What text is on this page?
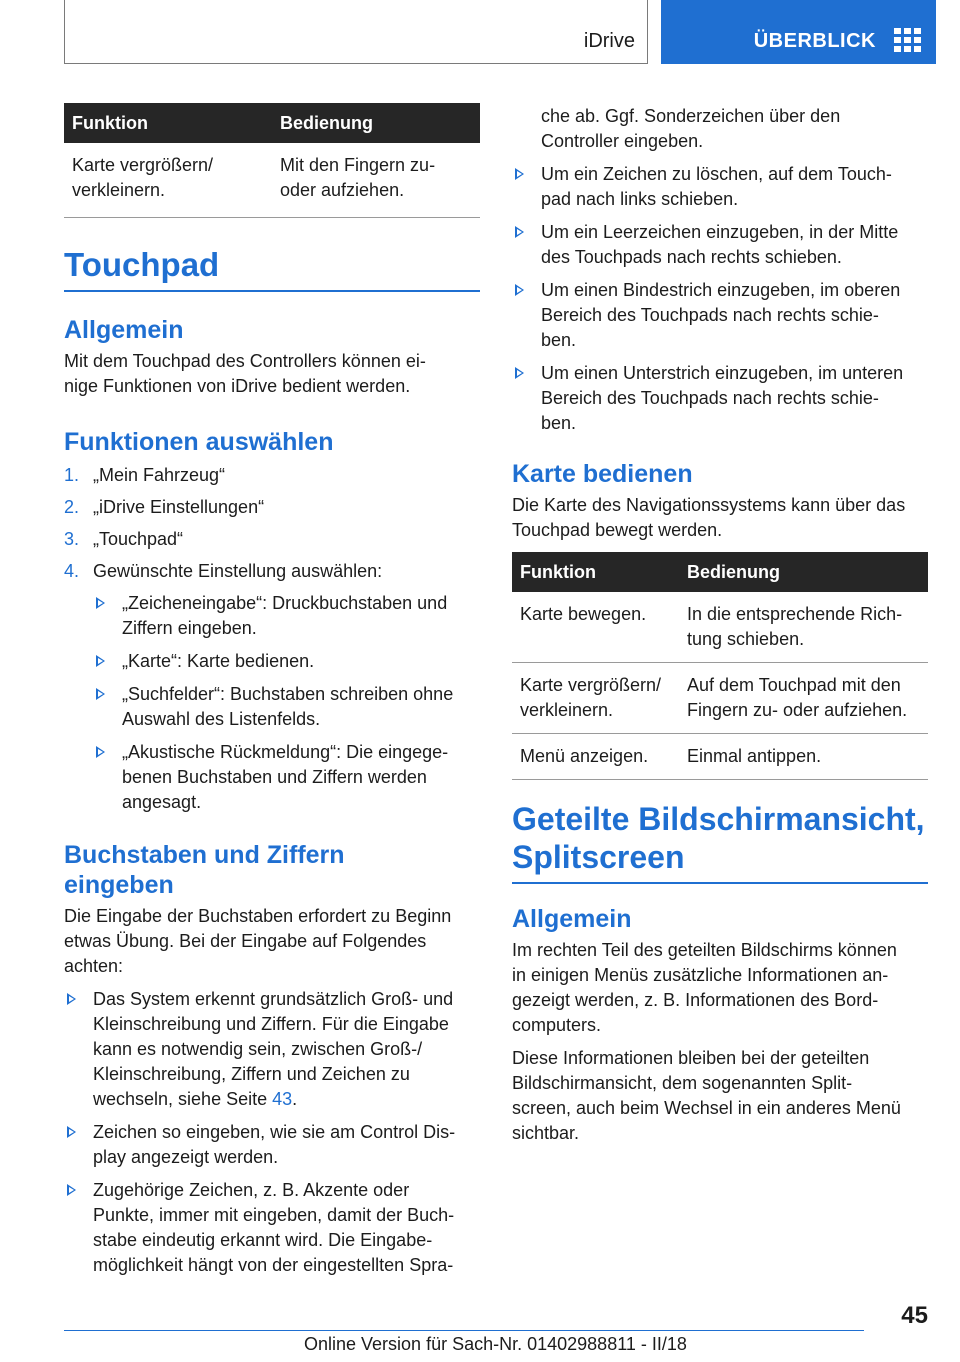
iDrive	ÜBERBLICK
Funktion	Bedienung
Karte vergrößern/
verkleinern.	Mit den Fingern zu-
oder aufziehen.
Touchpad
Allgemein

Mit dem Touchpad des Controllers können ei-
nige Funktionen von iDrive bedient werden.

Funktionen auswählen
1. „Mein Fahrzeug“
2. „iDrive Einstellungen“
3. „Touchpad“
4. Gewünschte Einstellung auswählen:
„Zeicheneingabe“: Druckbuchstaben und
Ziffern eingeben.
„Karte“: Karte bedienen.
„Suchfelder“: Buchstaben schreiben ohne
Auswahl des Listenfelds.
„Akustische Rückmeldung“: Die eingege-
benen Buchstaben und Ziffern werden
angesagt.
Buchstaben und Ziffern
eingeben

Die Eingabe der Buchstaben erfordert zu Beginn
etwas Übung. Bei der Eingabe auf Folgendes
achten:

Das System erkennt grundsätzlich Groß- und
Kleinschreibung und Ziffern. Für die Eingabe
kann es notwendig sein, zwischen Groß-/
Kleinschreibung, Ziffern und Zeichen zu
wechseln, siehe Seite 43.
Zeichen so eingeben, wie sie am Control Dis-
play angezeigt werden.
Zugehörige Zeichen, z. B. Akzente oder
Punkte, immer mit eingeben, damit der Buch-
stabe eindeutig erkannt wird. Die Eingabe-
möglichkeit hängt von der eingestellten Spra-

che ab. Ggf. Sonderzeichen über den
Controller eingeben.

Um ein Zeichen zu löschen, auf dem Touch-
pad nach links schieben.
Um ein Leerzeichen einzugeben, in der Mitte
des Touchpads nach rechts schieben.
Um einen Bindestrich einzugeben, im oberen
Bereich des Touchpads nach rechts schie-
ben.
Um einen Unterstrich einzugeben, im unteren
Bereich des Touchpads nach rechts schie-
ben.
Karte bedienen

Die Karte des Navigationssystems kann über das
Touchpad bewegt werden.

Funktion	Bedienung
Karte bewegen.	In die entsprechende Rich-
tung schieben.
Karte vergrößern/
verkleinern.	Auf dem Touchpad mit den
Fingern zu- oder aufziehen.
Menü anzeigen.	Einmal antippen.
Geteilte Bildschirmansicht,
Splitscreen
Allgemein

Im rechten Teil des geteilten Bildschirms können
in einigen Menüs zusätzliche Informationen an-
gezeigt werden, z. B. Informationen des Bord-
computers.

Diese Informationen bleiben bei der geteilten
Bildschirmansicht, dem sogenannten Split-
screen, auch beim Wechsel in ein anderes Menü
sichtbar.

45
Online Version für Sach-Nr. 01402988811 - II/18
